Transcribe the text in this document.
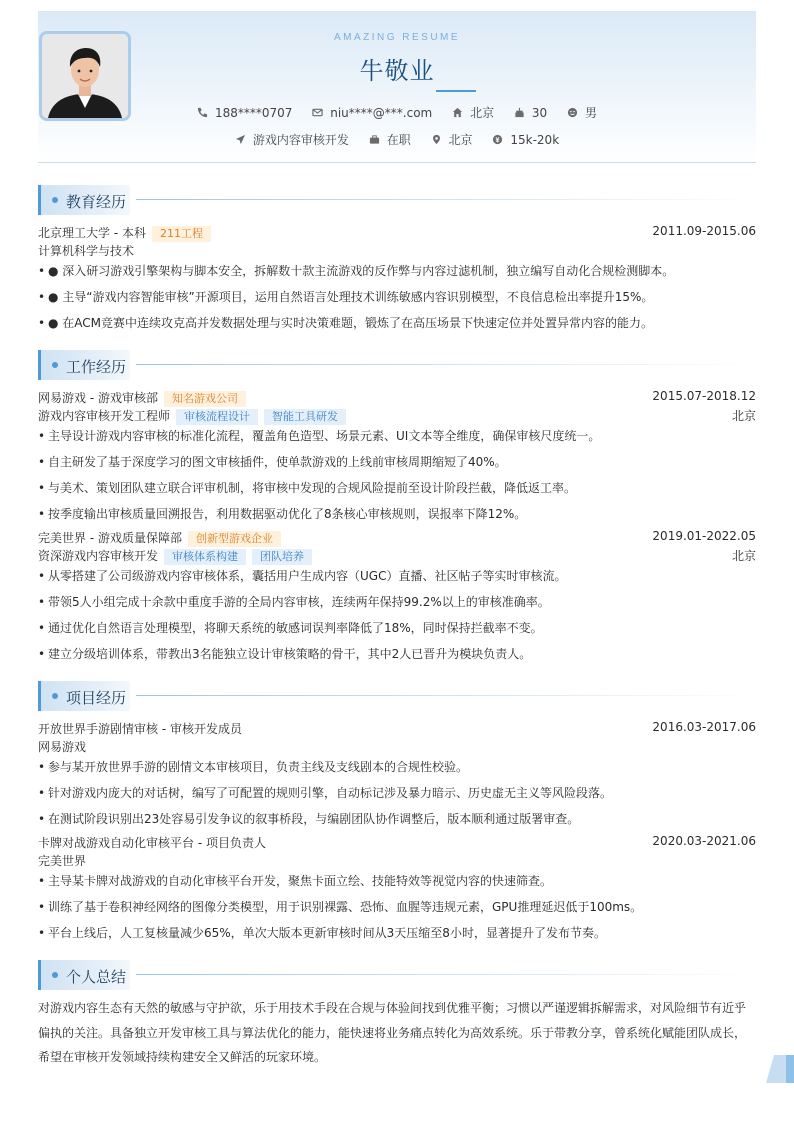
AMAZING RESUME
牛敬业
188****0707
	niu****@***.com
	北京
	30
	男
游戏内容审核开发
	在职
	北京
	15k-20k
教育经历
北京理工大学 - 本科 211工程	2011.09-2015.06
计算机科学与技术
• ● 深入研习游戏引擎架构与脚本安全，拆解数十款主流游戏的反作弊与内容过滤机制，独立编写自动化合规检测脚本。
• ● 主导“游戏内容智能审核”开源项目，运用自然语言处理技术训练敏感内容识别模型，不良信息检出率提升15%。
• ● 在ACM竞赛中连续攻克高并发数据处理与实时决策难题，锻炼了在高压场景下快速定位并处置异常内容的能力。
工作经历
网易游戏 - 游戏审核部 知名游戏公司	2015.07-2018.12
游戏内容审核开发工程师 审核流程设计 智能工具研发	北京
• 主导设计游戏内容审核的标准化流程，覆盖角色造型、场景元素、UI文本等全维度，确保审核尺度统一。
• 自主研发了基于深度学习的图文审核插件，使单款游戏的上线前审核周期缩短了40%。
• 与美术、策划团队建立联合评审机制，将审核中发现的合规风险提前至设计阶段拦截，降低返工率。
• 按季度输出审核质量回溯报告，利用数据驱动优化了8条核心审核规则，误报率下降12%。
完美世界 - 游戏质量保障部 创新型游戏企业	2019.01-2022.05
资深游戏内容审核开发 审核体系构建 团队培养	北京
• 从零搭建了公司级游戏内容审核体系，囊括用户生成内容（UGC）直播、社区帖子等实时审核流。
• 带领5人小组完成十余款中重度手游的全局内容审核，连续两年保持99.2%以上的审核准确率。
• 通过优化自然语言处理模型，将聊天系统的敏感词误判率降低了18%，同时保持拦截率不变。
• 建立分级培训体系，带教出3名能独立设计审核策略的骨干，其中2人已晋升为模块负责人。
项目经历
开放世界手游剧情审核 - 审核开发成员	2016.03-2017.06
网易游戏
• 参与某开放世界手游的剧情文本审核项目，负责主线及支线剧本的合规性校验。
• 针对游戏内庞大的对话树，编写了可配置的规则引擎，自动标记涉及暴力暗示、历史虚无主义等风险段落。
• 在测试阶段识别出23处容易引发争议的叙事桥段，与编剧团队协作调整后，版本顺利通过版署审查。
卡牌对战游戏自动化审核平台 - 项目负责人	2020.03-2021.06
完美世界
• 主导某卡牌对战游戏的自动化审核平台开发，聚焦卡面立绘、技能特效等视觉内容的快速筛查。
• 训练了基于卷积神经网络的图像分类模型，用于识别裸露、恐怖、血腥等违规元素，GPU推理延迟低于100ms。
• 平台上线后，人工复核量减少65%，单次大版本更新审核时间从3天压缩至8小时，显著提升了发布节奏。
个人总结
对游戏内容生态有天然的敏感与守护欲，乐于用技术手段在合规与体验间找到优雅平衡；习惯以严谨逻辑拆解需求，对风险细节有近乎偏执的关注。具备独立开发审核工具与算法优化的能力，能快速将业务痛点转化为高效系统。乐于带教分享，曾系统化赋能团队成长，希望在审核开发领域持续构建安全又鲜活的玩家环境。
